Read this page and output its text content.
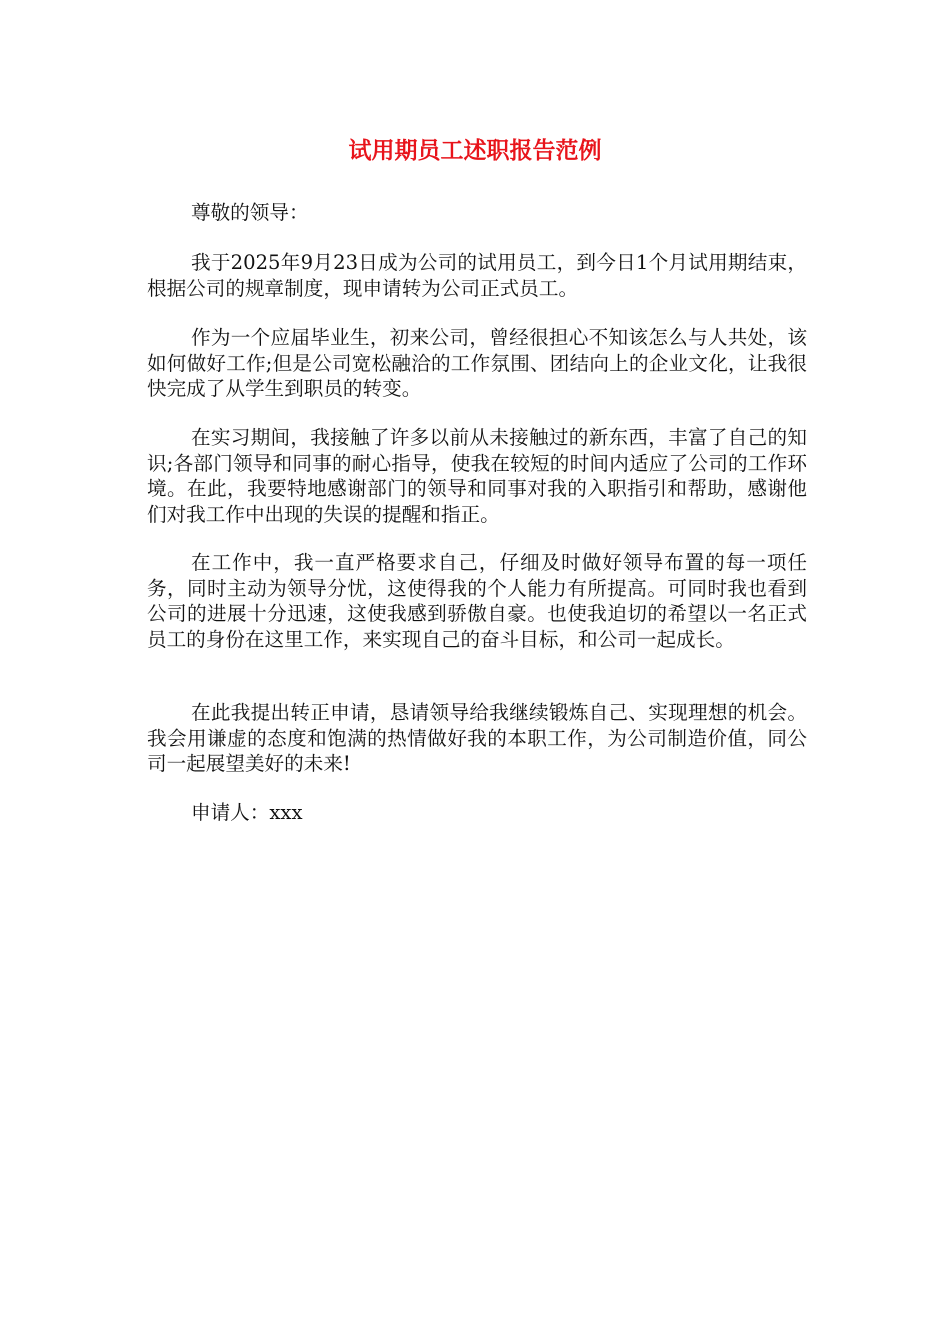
试用期员工述职报告范例

尊敬的领导：

我于2025年9月23日成为公司的试用员工，到今日1个月试用期结束，根据公司的规章制度，现申请转为公司正式员工。

作为一个应届毕业生，初来公司，曾经很担心不知该怎么与人共处，该如何做好工作;但是公司宽松融洽的工作氛围、团结向上的企业文化，让我很快完成了从学生到职员的转变。

在实习期间，我接触了许多以前从未接触过的新东西，丰富了自己的知识;各部门领导和同事的耐心指导，使我在较短的时间内适应了公司的工作环境。在此，我要特地感谢部门的领导和同事对我的入职指引和帮助，感谢他们对我工作中出现的失误的提醒和指正。

在工作中，我一直严格要求自己，仔细及时做好领导布置的每一项任务，同时主动为领导分忧，这使得我的个人能力有所提高。可同时我也看到公司的进展十分迅速，这使我感到骄傲自豪。也使我迫切的希望以一名正式员工的身份在这里工作，来实现自己的奋斗目标，和公司一起成长。

在此我提出转正申请，恳请领导给我继续锻炼自己、实现理想的机会。我会用谦虚的态度和饱满的热情做好我的本职工作，为公司制造价值，同公司一起展望美好的未来!

申请人：xxx
